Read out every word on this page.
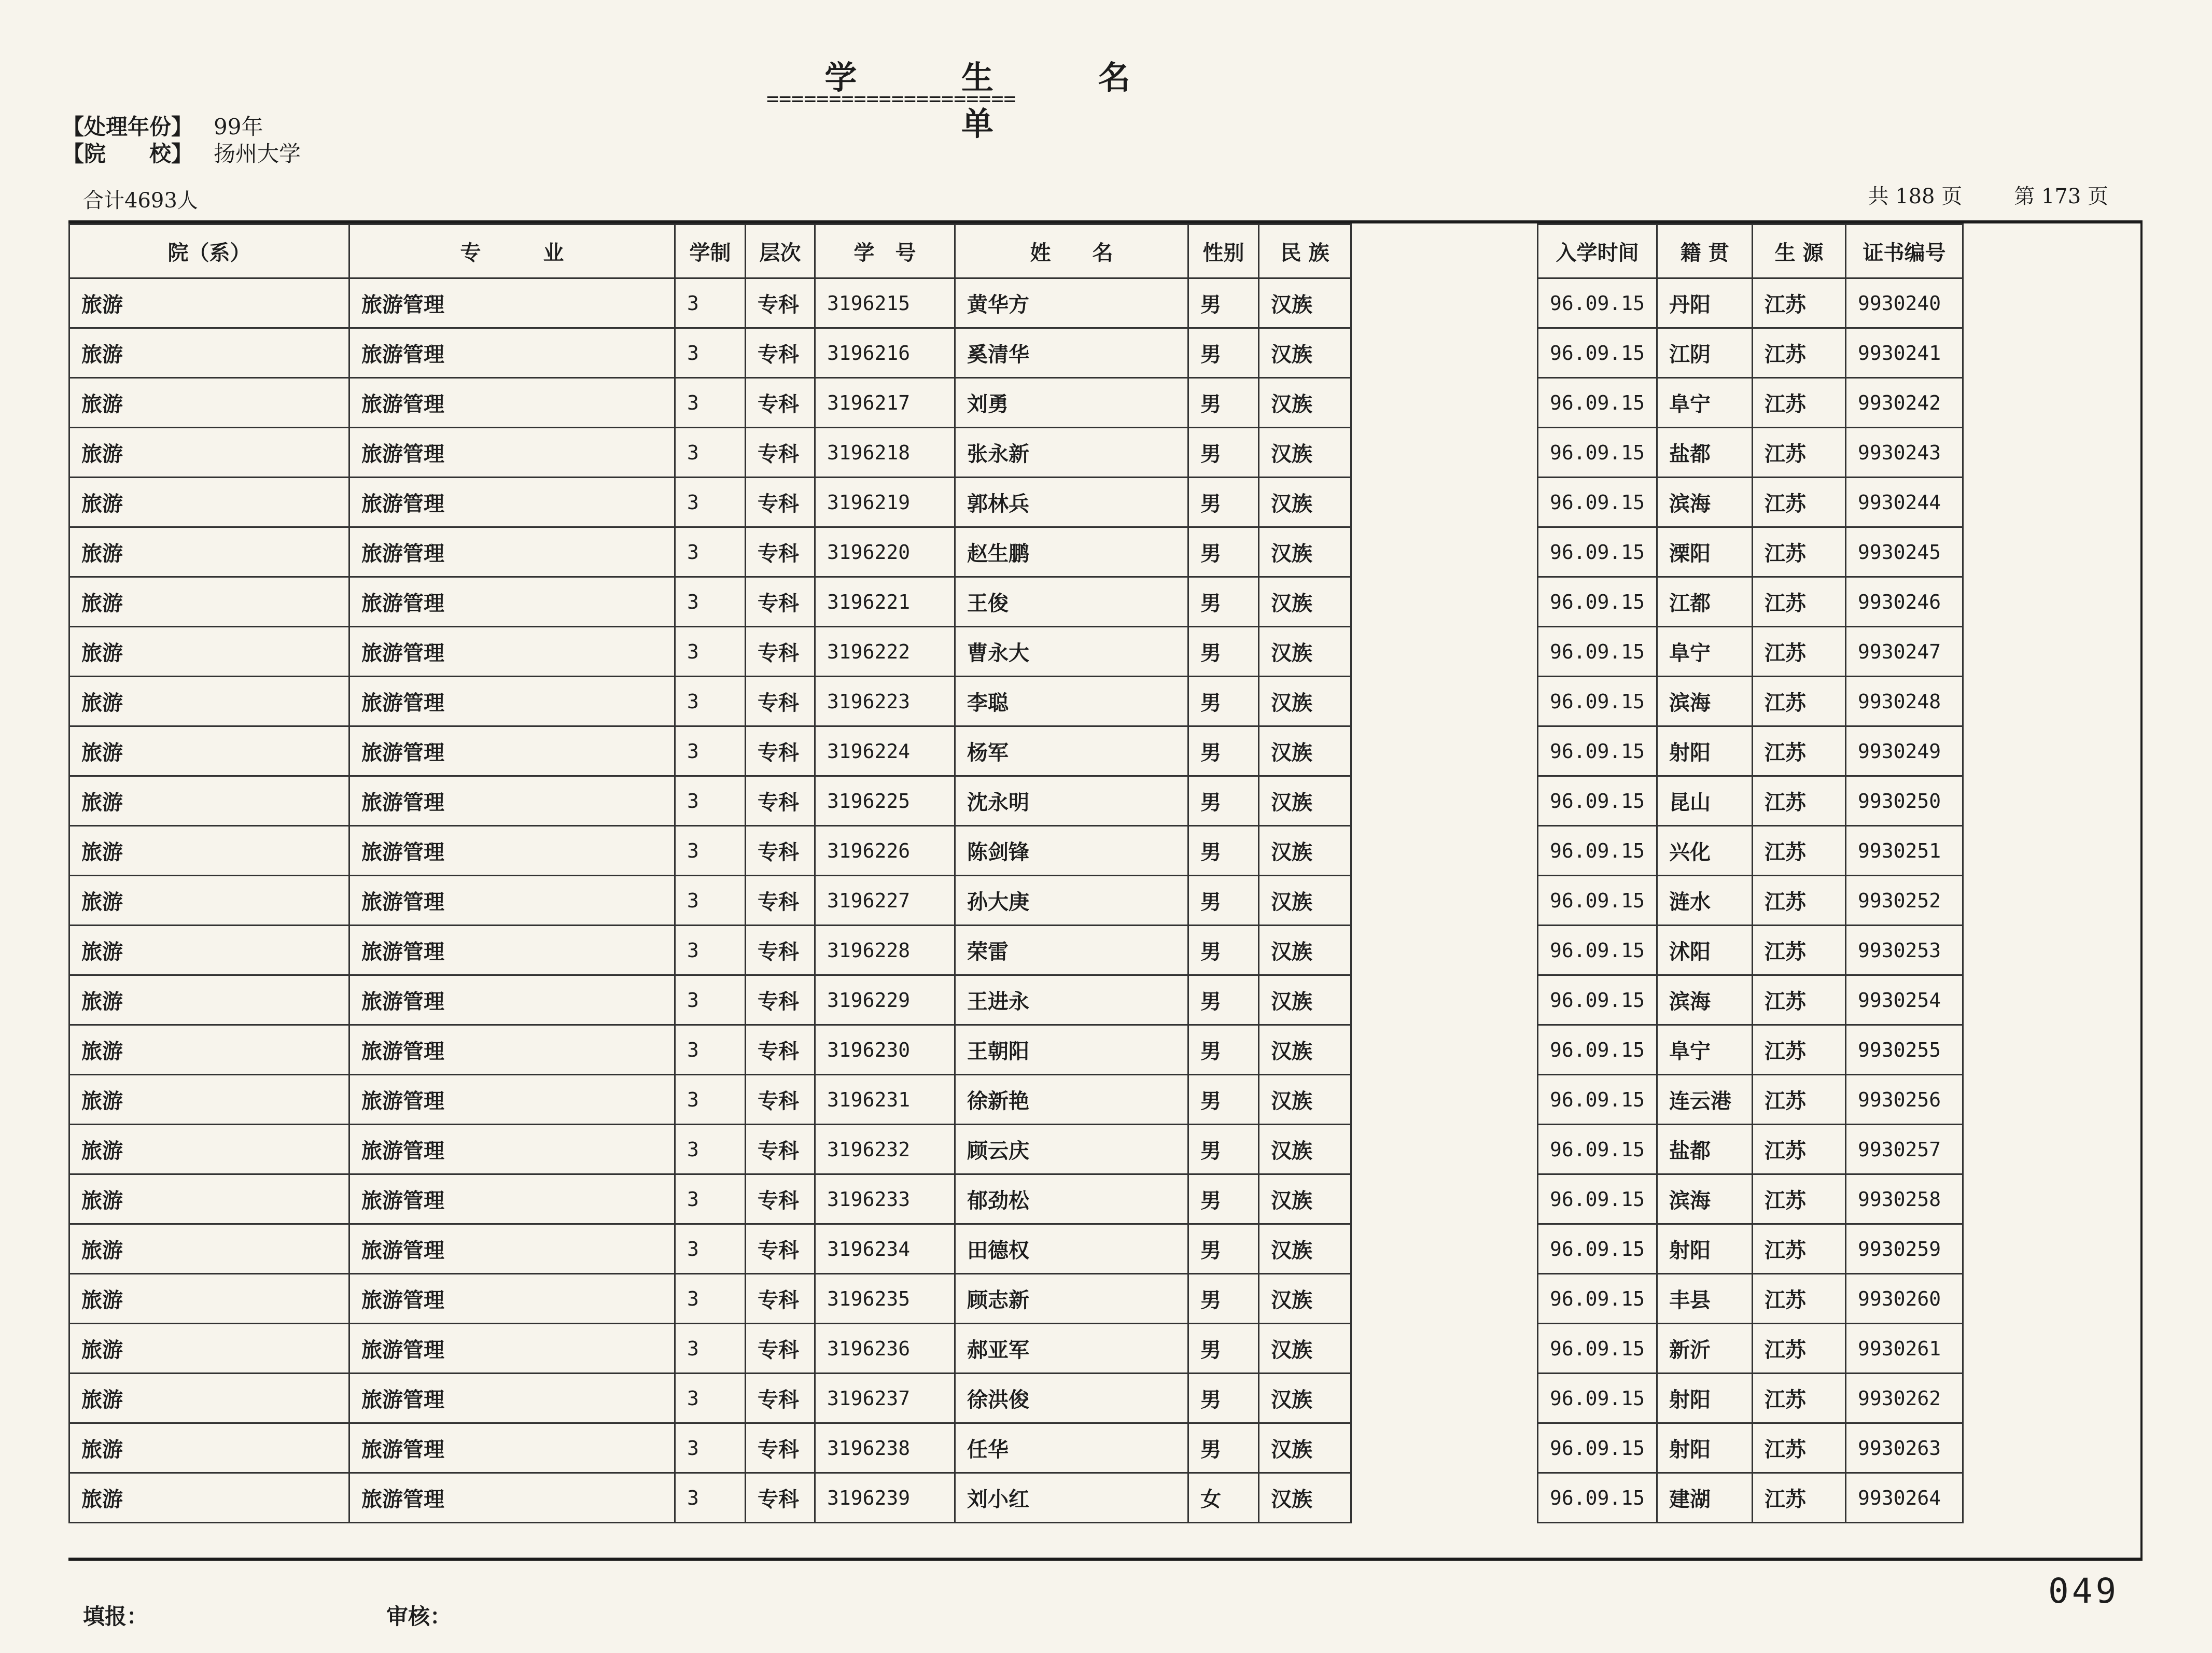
学 生 名 单
====================
【处理年份】 99年
【院　　校】 扬州大学
合计4693人	共 188 页	第 173 页
院（系）	专　　　业	学制	层次	学　号	姓　　名	性别	民 族		入学时间	籍 贯	生 源	证书编号
旅游	旅游管理	3	专科	3196215	黄华方	男	汉族		96.09.15	丹阳	江苏	9930240
旅游	旅游管理	3	专科	3196216	奚清华	男	汉族		96.09.15	江阴	江苏	9930241
旅游	旅游管理	3	专科	3196217	刘勇	男	汉族		96.09.15	阜宁	江苏	9930242
旅游	旅游管理	3	专科	3196218	张永新	男	汉族		96.09.15	盐都	江苏	9930243
旅游	旅游管理	3	专科	3196219	郭林兵	男	汉族		96.09.15	滨海	江苏	9930244
旅游	旅游管理	3	专科	3196220	赵生鹏	男	汉族		96.09.15	溧阳	江苏	9930245
旅游	旅游管理	3	专科	3196221	王俊	男	汉族		96.09.15	江都	江苏	9930246
旅游	旅游管理	3	专科	3196222	曹永大	男	汉族		96.09.15	阜宁	江苏	9930247
旅游	旅游管理	3	专科	3196223	李聪	男	汉族		96.09.15	滨海	江苏	9930248
旅游	旅游管理	3	专科	3196224	杨军	男	汉族		96.09.15	射阳	江苏	9930249
旅游	旅游管理	3	专科	3196225	沈永明	男	汉族		96.09.15	昆山	江苏	9930250
旅游	旅游管理	3	专科	3196226	陈剑锋	男	汉族		96.09.15	兴化	江苏	9930251
旅游	旅游管理	3	专科	3196227	孙大庚	男	汉族		96.09.15	涟水	江苏	9930252
旅游	旅游管理	3	专科	3196228	荣雷	男	汉族		96.09.15	沭阳	江苏	9930253
旅游	旅游管理	3	专科	3196229	王进永	男	汉族		96.09.15	滨海	江苏	9930254
旅游	旅游管理	3	专科	3196230	王朝阳	男	汉族		96.09.15	阜宁	江苏	9930255
旅游	旅游管理	3	专科	3196231	徐新艳	男	汉族		96.09.15	连云港	江苏	9930256
旅游	旅游管理	3	专科	3196232	顾云庆	男	汉族		96.09.15	盐都	江苏	9930257
旅游	旅游管理	3	专科	3196233	郁劲松	男	汉族		96.09.15	滨海	江苏	9930258
旅游	旅游管理	3	专科	3196234	田德权	男	汉族		96.09.15	射阳	江苏	9930259
旅游	旅游管理	3	专科	3196235	顾志新	男	汉族		96.09.15	丰县	江苏	9930260
旅游	旅游管理	3	专科	3196236	郝亚军	男	汉族		96.09.15	新沂	江苏	9930261
旅游	旅游管理	3	专科	3196237	徐洪俊	男	汉族		96.09.15	射阳	江苏	9930262
旅游	旅游管理	3	专科	3196238	任华	男	汉族		96.09.15	射阳	江苏	9930263
旅游	旅游管理	3	专科	3196239	刘小红	女	汉族		96.09.15	建湖	江苏	9930264
填报：	审核：
049
